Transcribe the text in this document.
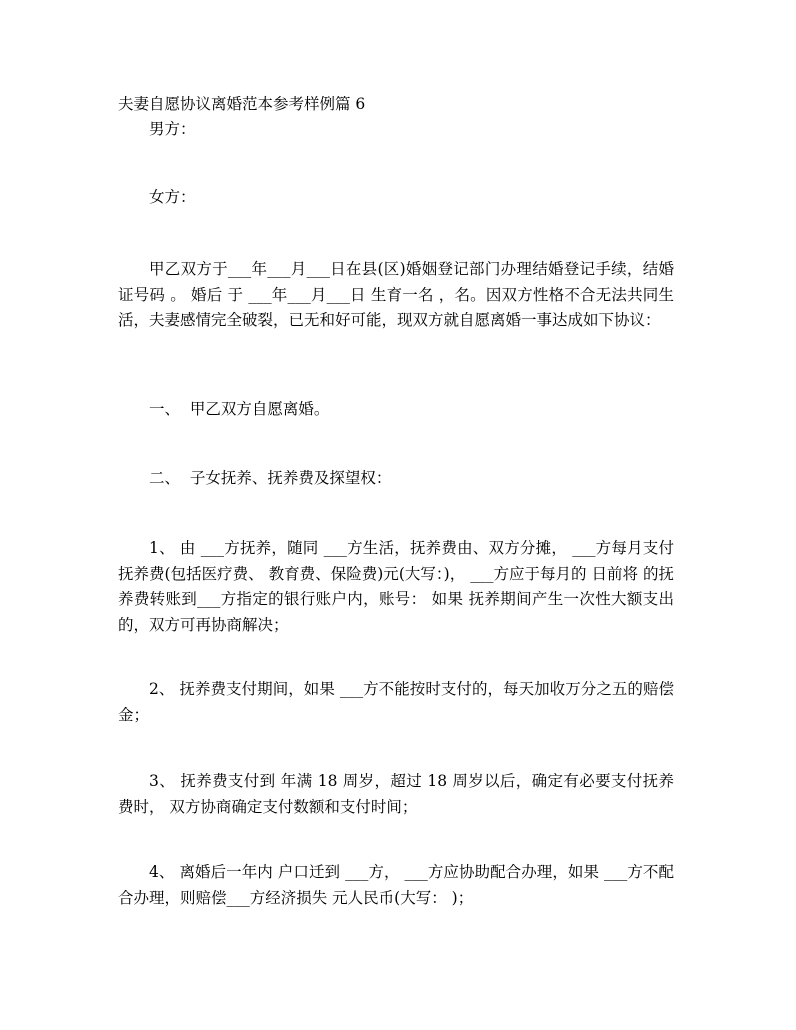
夫妻自愿协议离婚范本参考样例篇 6
男方：
女方：
甲乙双方于___年___月___日在县(区)婚姻登记部门办理结婚登记手续，结婚证号码 。 婚后 于 ___年___月___日 生育一名 ，名。因双方性格不合无法共同生活，夫妻感情完全破裂，已无和好可能，现双方就自愿离婚一事达成如下协议：
一、  甲乙双方自愿离婚。
二、  子女抚养、抚养费及探望权：
1、 由 ___方抚养，随同 ___方生活，抚养费由、双方分摊， ___方每月支付抚养费(包括医疗费、 教育费、保险费)元(大写：)， ___方应于每月的 日前将 的抚养费转账到___方指定的银行账户内，账号： 如果 抚养期间产生一次性大额支出的，双方可再协商解决；
2、 抚养费支付期间，如果 ___方不能按时支付的，每天加收万分之五的赔偿金；
3、 抚养费支付到 年满 18 周岁，超过 18 周岁以后，确定有必要支付抚养费时， 双方协商确定支付数额和支付时间；
4、 离婚后一年内 户口迁到 ___方， ___方应协助配合办理，如果 ___方不配合办理，则赔偿___方经济损失 元人民币(大写： )；
